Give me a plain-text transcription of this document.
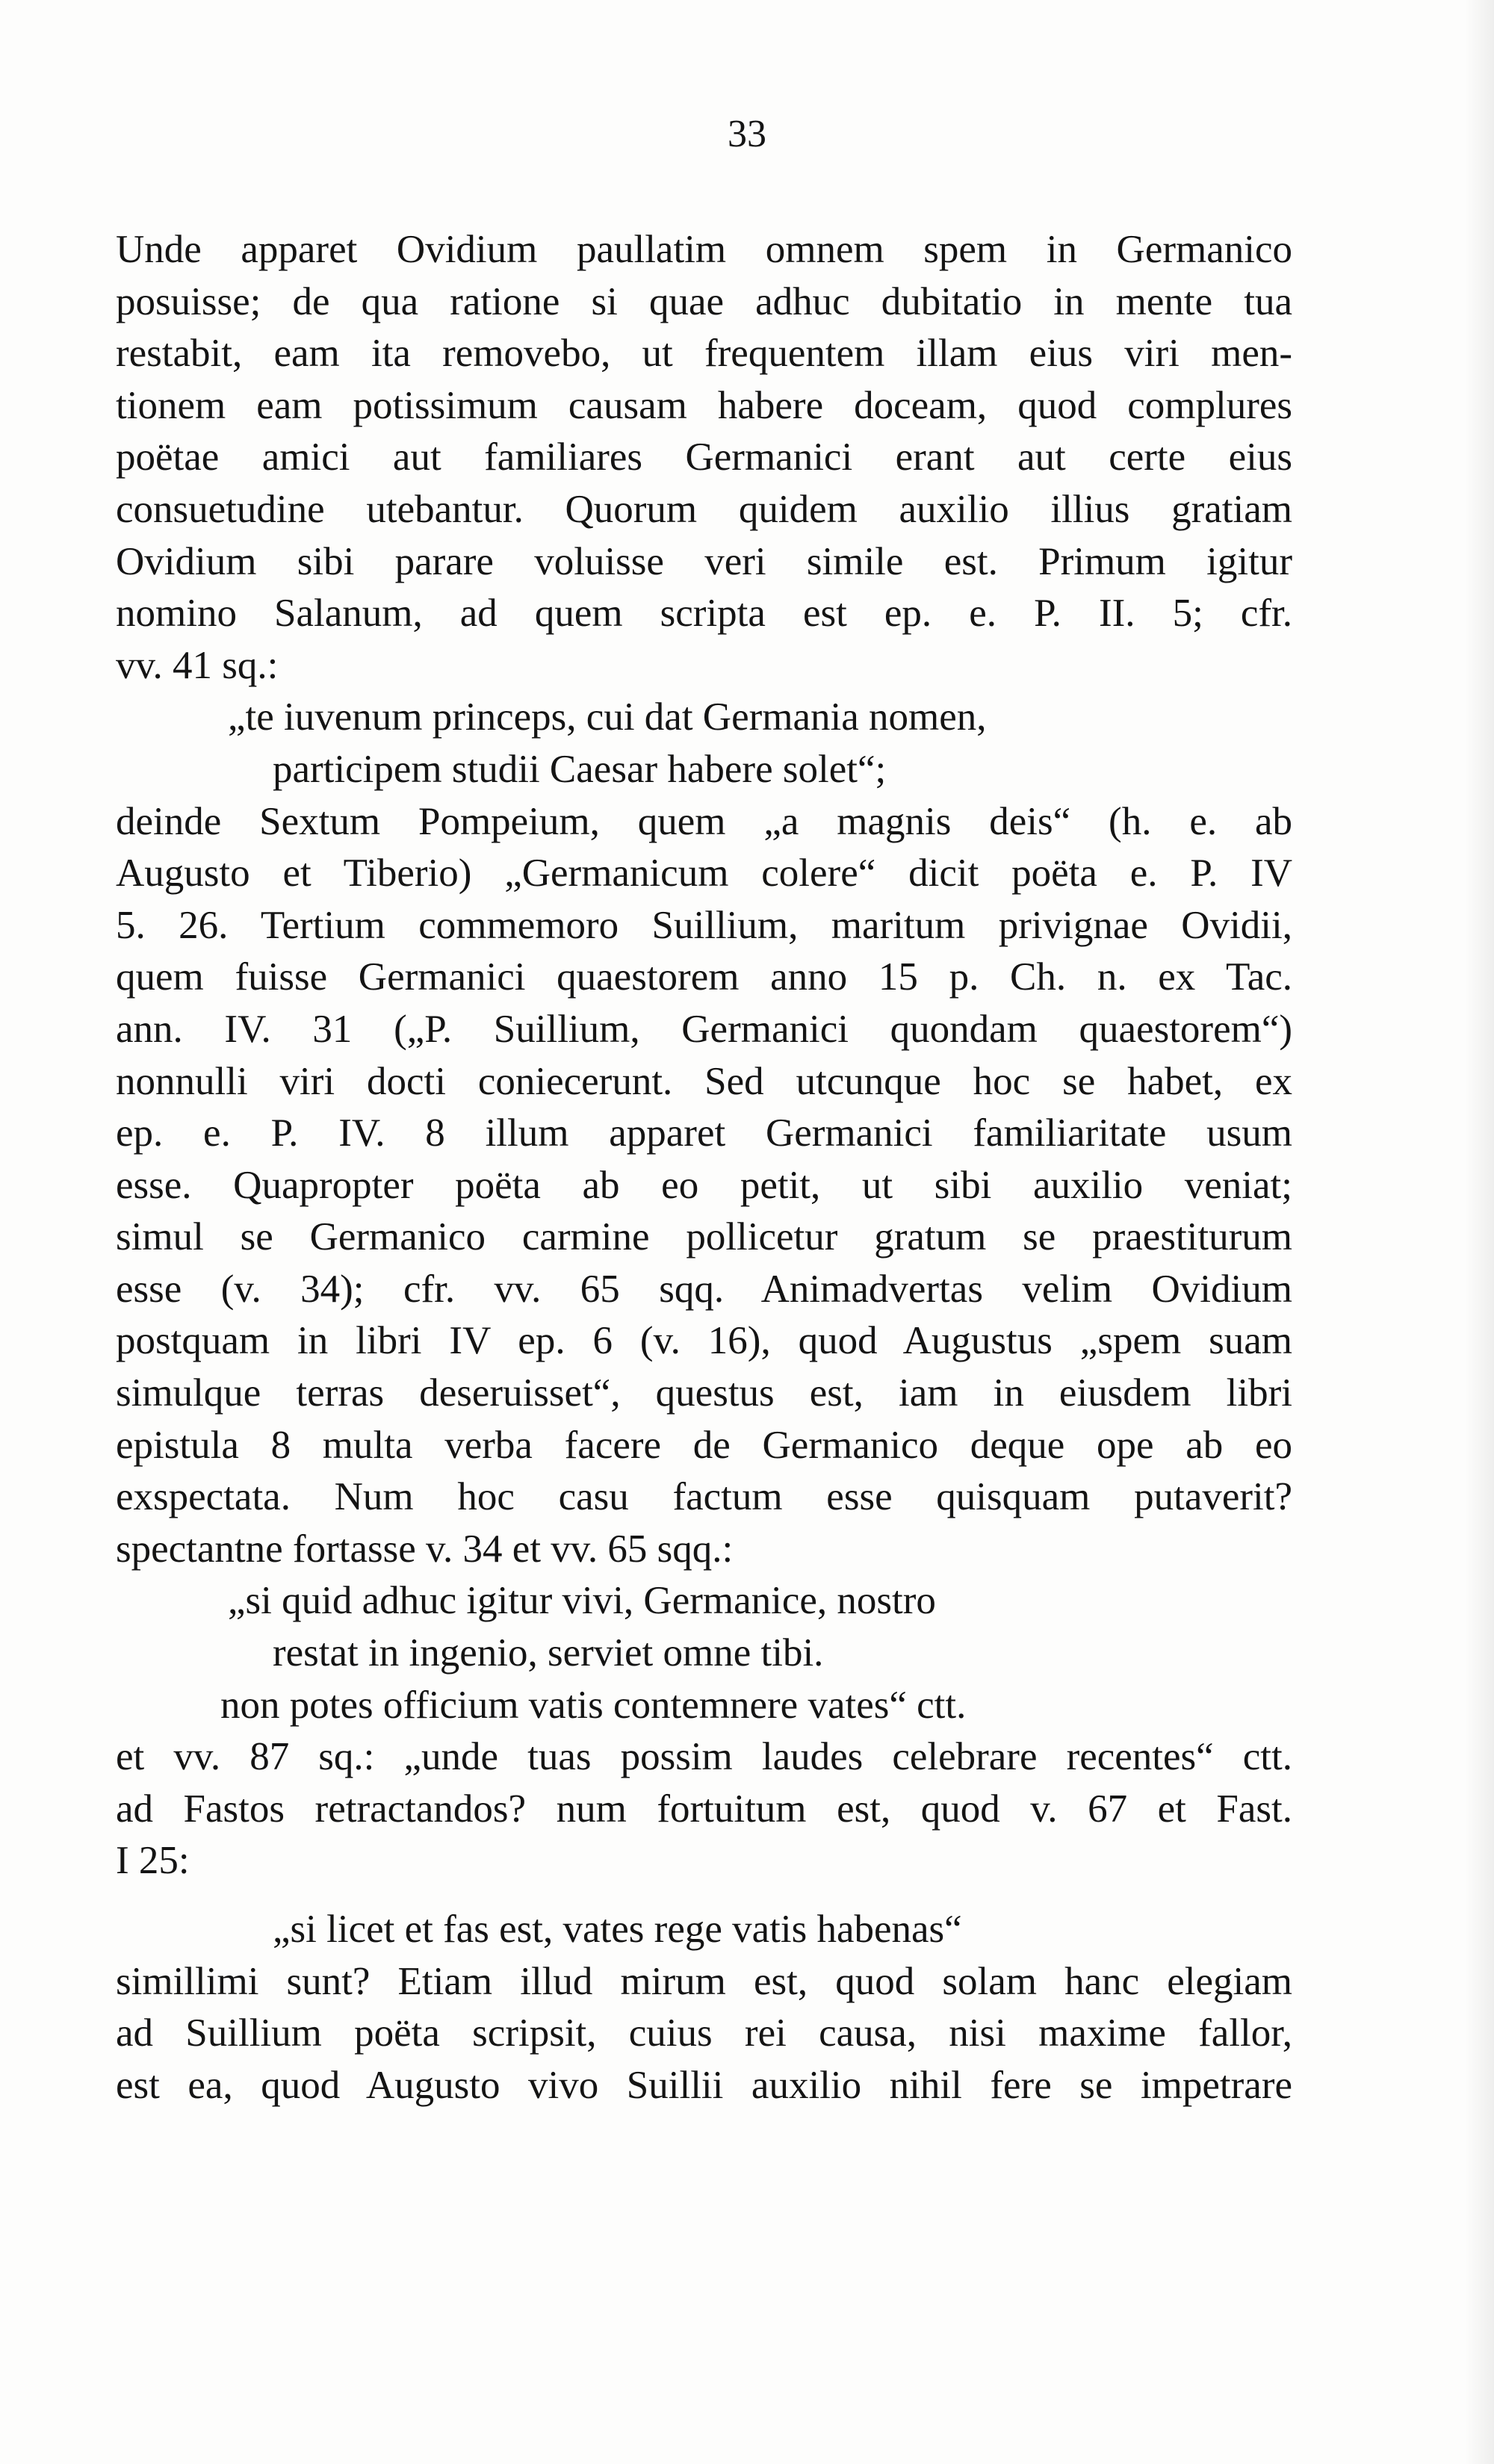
33
Unde apparet Ovidium paullatim omnem spem in Germanico
posuisse; de qua ratione si quae adhuc dubitatio in mente tua
restabit, eam ita removebo, ut frequentem illam eius viri men-
tionem eam potissimum causam habere doceam, quod complures
poëtae amici aut familiares Germanici erant aut certe eius
consuetudine utebantur. Quorum quidem auxilio illius gratiam
Ovidium sibi parare voluisse veri simile est. Primum igitur
nomino Salanum, ad quem scripta est ep. e. P. II. 5; cfr.
vv. 41 sq.:
„te iuvenum princeps, cui dat Germania nomen,
participem studii Caesar habere solet“;
deinde Sextum Pompeium, quem „a magnis deis“ (h. e. ab
Augusto et Tiberio) „Germanicum colere“ dicit poëta e. P. IV
5. 26. Tertium commemoro Suillium, maritum privignae Ovidii,
quem fuisse Germanici quaestorem anno 15 p. Ch. n. ex Tac.
ann. IV. 31 („P. Suillium, Germanici quondam quaestorem“)
nonnulli viri docti coniecerunt. Sed utcunque hoc se habet, ex
ep. e. P. IV. 8 illum apparet Germanici familiaritate usum
esse. Quapropter poëta ab eo petit, ut sibi auxilio veniat;
simul se Germanico carmine pollicetur gratum se praestiturum
esse (v. 34); cfr. vv. 65 sqq. Animadvertas velim Ovidium
postquam in libri IV ep. 6 (v. 16), quod Augustus „spem suam
simulque terras deseruisset“, questus est, iam in eiusdem libri
epistula 8 multa verba facere de Germanico deque ope ab eo
exspectata. Num hoc casu factum esse quisquam putaverit?
spectantne fortasse v. 34 et vv. 65 sqq.:
„si quid adhuc igitur vivi, Germanice, nostro
restat in ingenio, serviet omne tibi.
non potes officium vatis contemnere vates“ ctt.
et vv. 87 sq.: „unde tuas possim laudes celebrare recentes“ ctt.
ad Fastos retractandos? num fortuitum est, quod v. 67 et Fast.
I 25:
„si licet et fas est, vates rege vatis habenas“
simillimi sunt? Etiam illud mirum est, quod solam hanc elegiam
ad Suillium poëta scripsit, cuius rei causa, nisi maxime fallor,
est ea, quod Augusto vivo Suillii auxilio nihil fere se impetrare
